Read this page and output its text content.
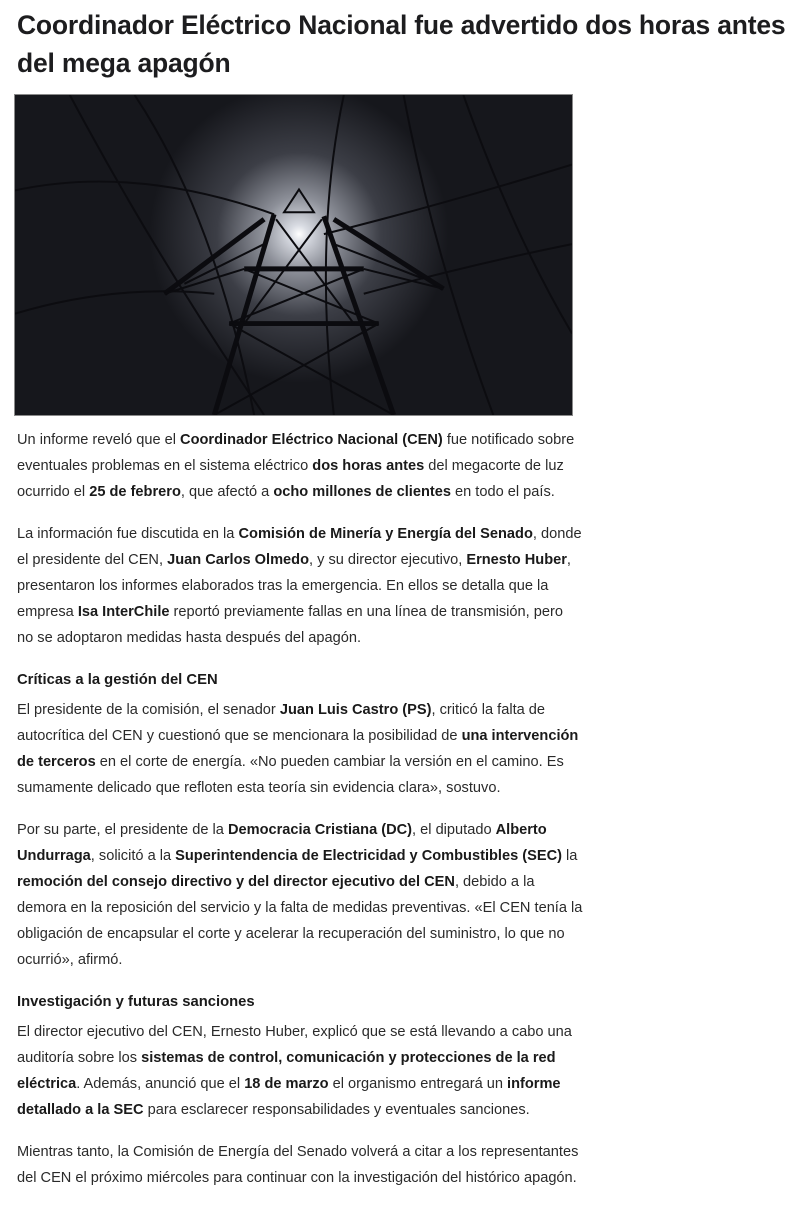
Coordinador Eléctrico Nacional fue advertido dos horas antes del mega apagón

Un informe reveló que el Coordinador Eléctrico Nacional (CEN) fue notificado sobre eventuales problemas en el sistema eléctrico dos horas antes del megacorte de luz ocurrido el 25 de febrero, que afectó a ocho millones de clientes en todo el país.

La información fue discutida en la Comisión de Minería y Energía del Senado, donde el presidente del CEN, Juan Carlos Olmedo, y su director ejecutivo, Ernesto Huber, presentaron los informes elaborados tras la emergencia. En ellos se detalla que la empresa Isa InterChile reportó previamente fallas en una línea de transmisión, pero no se adoptaron medidas hasta después del apagón.

Críticas a la gestión del CEN

El presidente de la comisión, el senador Juan Luis Castro (PS), criticó la falta de autocrítica del CEN y cuestionó que se mencionara la posibilidad de una intervención de terceros en el corte de energía. «No pueden cambiar la versión en el camino. Es sumamente delicado que refloten esta teoría sin evidencia clara», sostuvo.

Por su parte, el presidente de la Democracia Cristiana (DC), el diputado Alberto Undurraga, solicitó a la Superintendencia de Electricidad y Combustibles (SEC) la remoción del consejo directivo y del director ejecutivo del CEN, debido a la demora en la reposición del servicio y la falta de medidas preventivas. «El CEN tenía la obligación de encapsular el corte y acelerar la recuperación del suministro, lo que no ocurrió», afirmó.

Investigación y futuras sanciones

El director ejecutivo del CEN, Ernesto Huber, explicó que se está llevando a cabo una auditoría sobre los sistemas de control, comunicación y protecciones de la red eléctrica. Además, anunció que el 18 de marzo el organismo entregará un informe detallado a la SEC para esclarecer responsabilidades y eventuales sanciones.

Mientras tanto, la Comisión de Energía del Senado volverá a citar a los representantes del CEN el próximo miércoles para continuar con la investigación del histórico apagón.
